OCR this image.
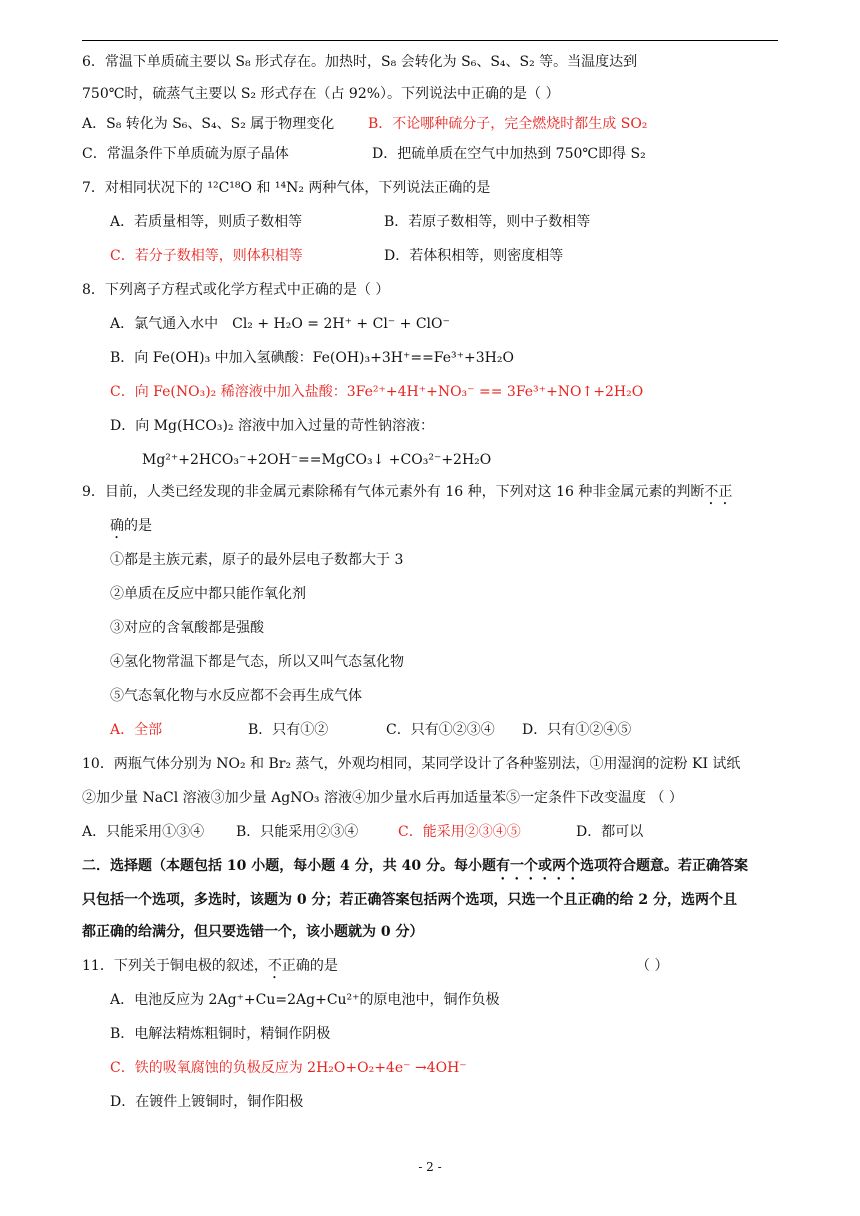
6．常温下单质硫主要以 S₈ 形式存在。加热时，S₈ 会转化为 S₆、S₄、S₂ 等。当温度达到
750℃时，硫蒸气主要以 S₂ 形式存在（占 92%）。下列说法中正确的是（ ）
A．S₈ 转化为 S₆、S₄、S₂ 属于物理变化 B．不论哪种硫分子，完全燃烧时都生成 SO₂
C．常温条件下单质硫为原子晶体	D．把硫单质在空气中加热到 750℃即得 S₂
7．对相同状况下的 ¹²C¹⁸O 和 ¹⁴N₂ 两种气体，下列说法正确的是
A．若质量相等，则质子数相等	B．若原子数相等，则中子数相等
C．若分子数相等，则体积相等	D．若体积相等，则密度相等
8．下列离子方程式或化学方程式中正确的是（ ）
A．氯气通入水中　Cl₂ + H₂O = 2H⁺ + Cl⁻ + ClO⁻
B．向 Fe(OH)₃ 中加入氢碘酸：Fe(OH)₃+3H⁺==Fe³⁺+3H₂O
C．向 Fe(NO₃)₂ 稀溶液中加入盐酸：3Fe²⁺+4H⁺+NO₃⁻ == 3Fe³⁺+NO↑+2H₂O
D．向 Mg(HCO₃)₂ 溶液中加入过量的苛性钠溶液：
Mg²⁺+2HCO₃⁻+2OH⁻==MgCO₃↓ +CO₃²⁻+2H₂O
9．目前，人类已经发现的非金属元素除稀有气体元素外有 16 种，下列对这 16 种非金属元素的判断不正
确的是
①都是主族元素，原子的最外层电子数都大于 3
②单质在反应中都只能作氧化剂
③对应的含氧酸都是强酸
④氢化物常温下都是气态，所以又叫气态氢化物
⑤气态氧化物与水反应都不会再生成气体
A．全部	B．只有①②	C．只有①②③④ D．只有①②④⑤
10．两瓶气体分别为 NO₂ 和 Br₂ 蒸气，外观均相同，某同学设计了各种鉴别法，①用湿润的淀粉 KI 试纸
②加少量 NaCl 溶液③加少量 AgNO₃ 溶液④加少量水后再加适量苯⑤一定条件下改变温度 （ ）
A．只能采用①③④ B．只能采用②③④	C．能采用②③④⑤	D．都可以
二．选择题（本题包括 10 小题，每小题 4 分，共 40 分。每小题有一个或两个选项符合题意。若正确答案
只包括一个选项，多选时，该题为 0 分；若正确答案包括两个选项，只选一个且正确的给 2 分，选两个且
都正确的给满分，但只要选错一个，该小题就为 0 分）
11．下列关于铜电极的叙述，不正确的是	（ ）
A．电池反应为 2Ag⁺+Cu=2Ag+Cu²⁺的原电池中，铜作负极
B．电解法精炼粗铜时，精铜作阴极
C．铁的吸氧腐蚀的负极反应为 2H₂O+O₂+4e⁻ →4OH⁻
D．在镀件上镀铜时，铜作阳极
- 2 -
